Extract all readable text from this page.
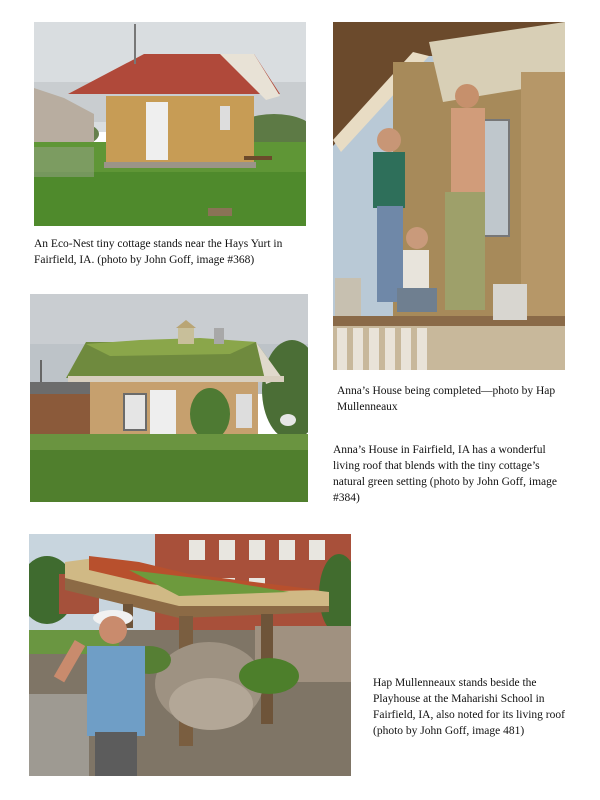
An Eco-Nest tiny cottage stands near the Hays Yurt in Fairfield, IA. (photo by John Goff, image #368)

Anna’s House being completed—photo by Hap Mullenneaux

Anna’s House in Fairfield, IA has a wonderful living roof that blends with the tiny cottage’s natural green setting (photo by John Goff, image #384)

Hap Mullenneaux stands beside the Playhouse at the Maharishi School in Fairfield, IA, also noted for its living roof (photo by John Goff, image 481)
